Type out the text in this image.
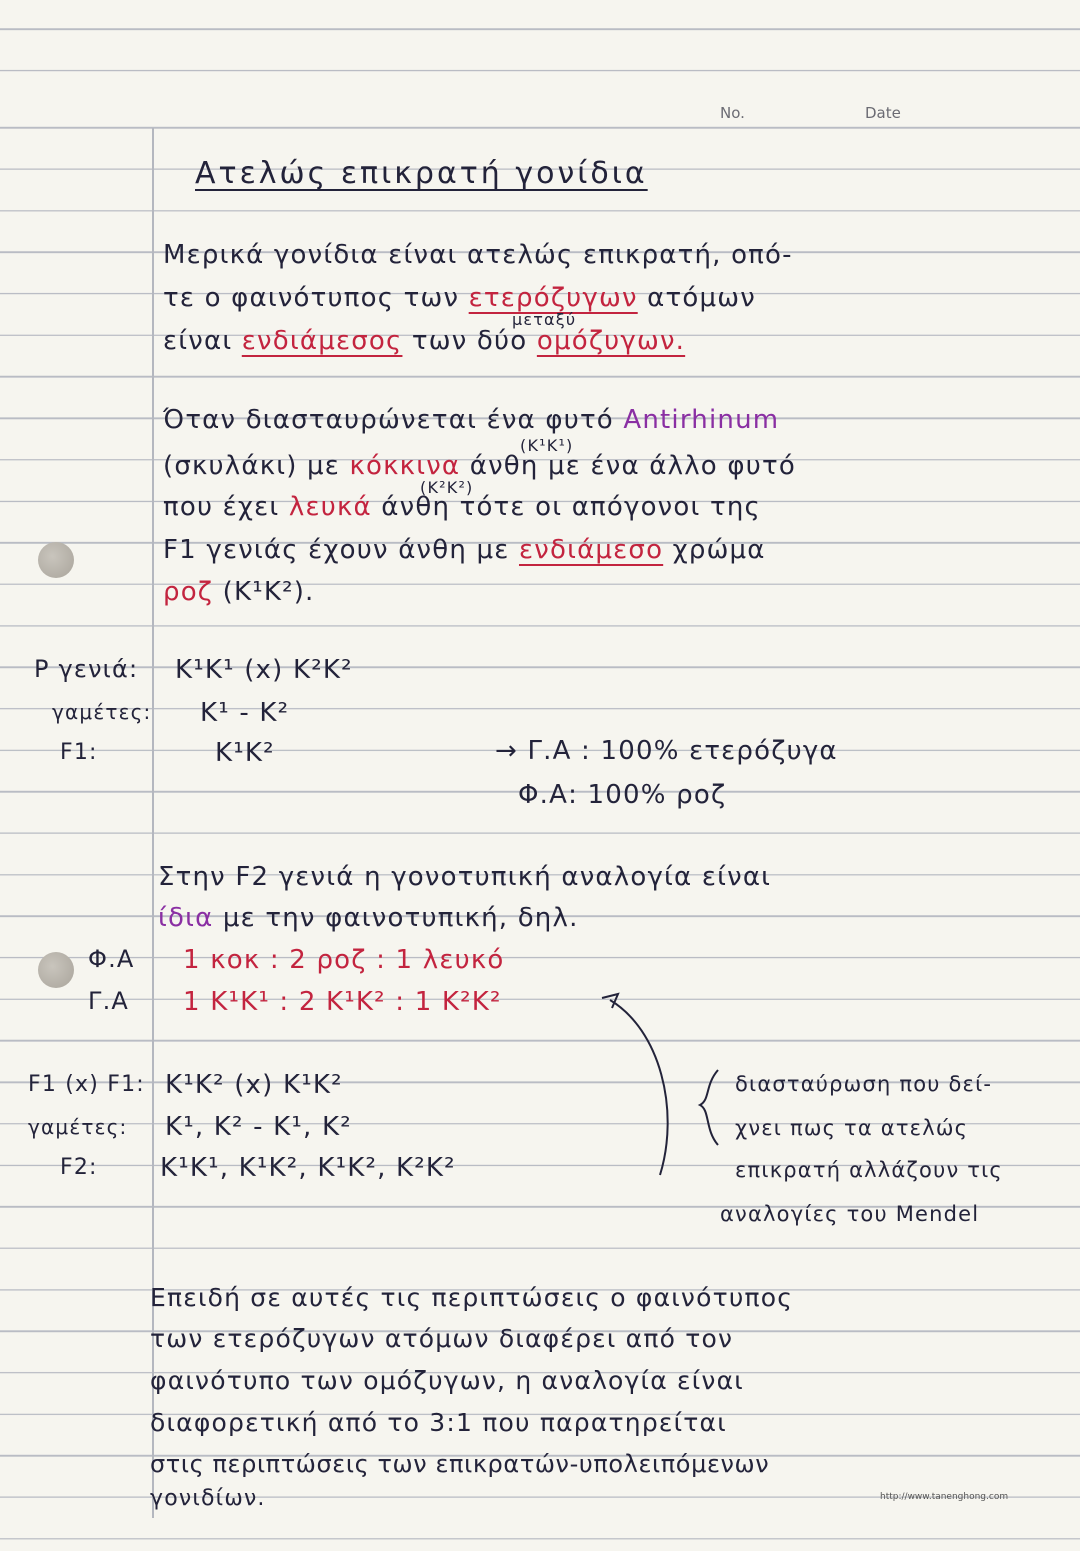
No.	Date
Ατελώς επικρατή γονίδια
Μερικά γονίδια είναι ατελώς επικρατή, οπό-
τε ο φαινότυπος των ετερόζυγων ατόμων
μεταξύ
είναι ενδιάμεσος των δύο ομόζυγων.
Όταν διασταυρώνεται ένα φυτό Antirhinum
(Κ¹Κ¹)
(σκυλάκι) με κόκκινα άνθη με ένα άλλο φυτό
(Κ²Κ²)
που έχει λευκά άνθη τότε οι απόγονοι της
F1 γενιάς έχουν άνθη με ενδιάμεσο χρώμα
ροζ (Κ¹Κ²).
P γενιά: Κ¹Κ¹ (x) Κ²Κ²
γαμέτες: Κ¹ - Κ²
F1:	Κ¹Κ²	→ Γ.Α : 100% ετερόζυγα
Φ.Α: 100% ροζ
Στην F2 γενιά η γονοτυπική αναλογία είναι
ίδια με την φαινοτυπική, δηλ.
Φ.Α 1 κοκ : 2 ροζ : 1 λευκό
Γ.Α 1 Κ¹Κ¹ : 2 Κ¹Κ² : 1 Κ²Κ²
F1 (x) F1: Κ¹Κ² (x) Κ¹Κ²
γαμέτες: Κ¹, Κ² - Κ¹, Κ²
F2: Κ¹Κ¹, Κ¹Κ², Κ¹Κ², Κ²Κ²
διασταύρωση που δεί-
χνει πως τα ατελώς
επικρατή αλλάζουν τις
αναλογίες του Mendel
Επειδή σε αυτές τις περιπτώσεις ο φαινότυπος
των ετερόζυγων ατόμων διαφέρει από τον
φαινότυπο των ομόζυγων, η αναλογία είναι
διαφορετική από το 3:1 που παρατηρείται
στις περιπτώσεις των επικρατών-υπολειπόμενων
γονιδίων.	http://www.tanenghong.com
